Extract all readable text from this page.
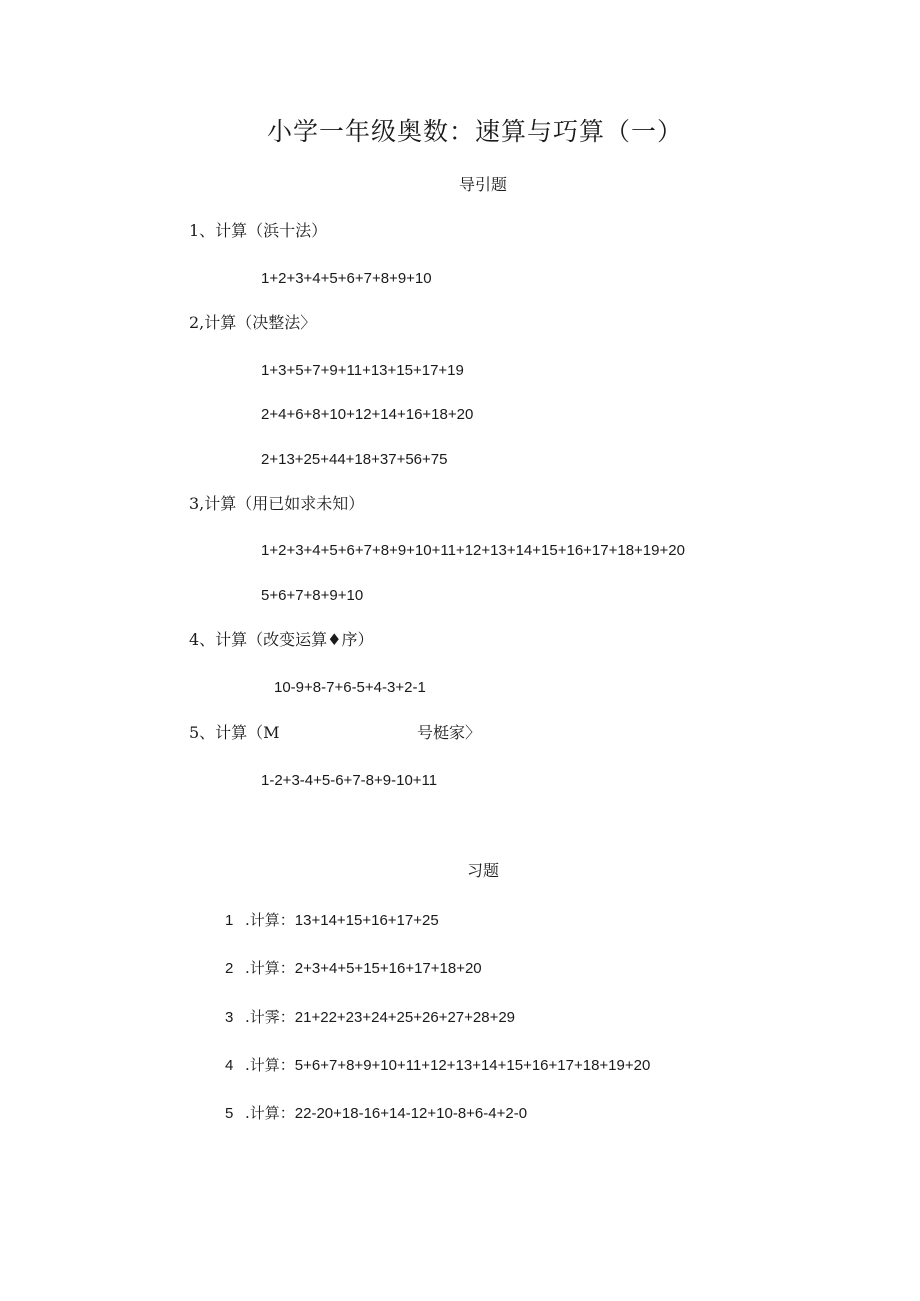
小学一年级奥数：速算与巧算（一）
导引题
1、计算（浜十法）
1+2+3+4+5+6+7+8+9+10
2,计算（决整法〉
1+3+5+7+9+11+13+15+17+19
2+4+6+8+10+12+14+16+18+20
2+13+25+44+18+37+56+75
3,计算（用已如求未知）
1+2+3+4+5+6+7+8+9+10+11+12+13+14+15+16+17+18+19+20
5+6+7+8+9+10
4、计算（改变运算♦序）
10-9+8-7+6-5+4-3+2-1
5、计算（M	号梃家〉
1-2+3-4+5-6+7-8+9-10+11
习题
1 .计算：13+14+15+16+17+25
2 .计算：2+3+4+5+15+16+17+18+20
3 .计霁：21+22+23+24+25+26+27+28+29
4 .计算：5+6+7+8+9+10+11+12+13+14+15+16+17+18+19+20
5 .计算：22-20+18-16+14-12+10-8+6-4+2-0
